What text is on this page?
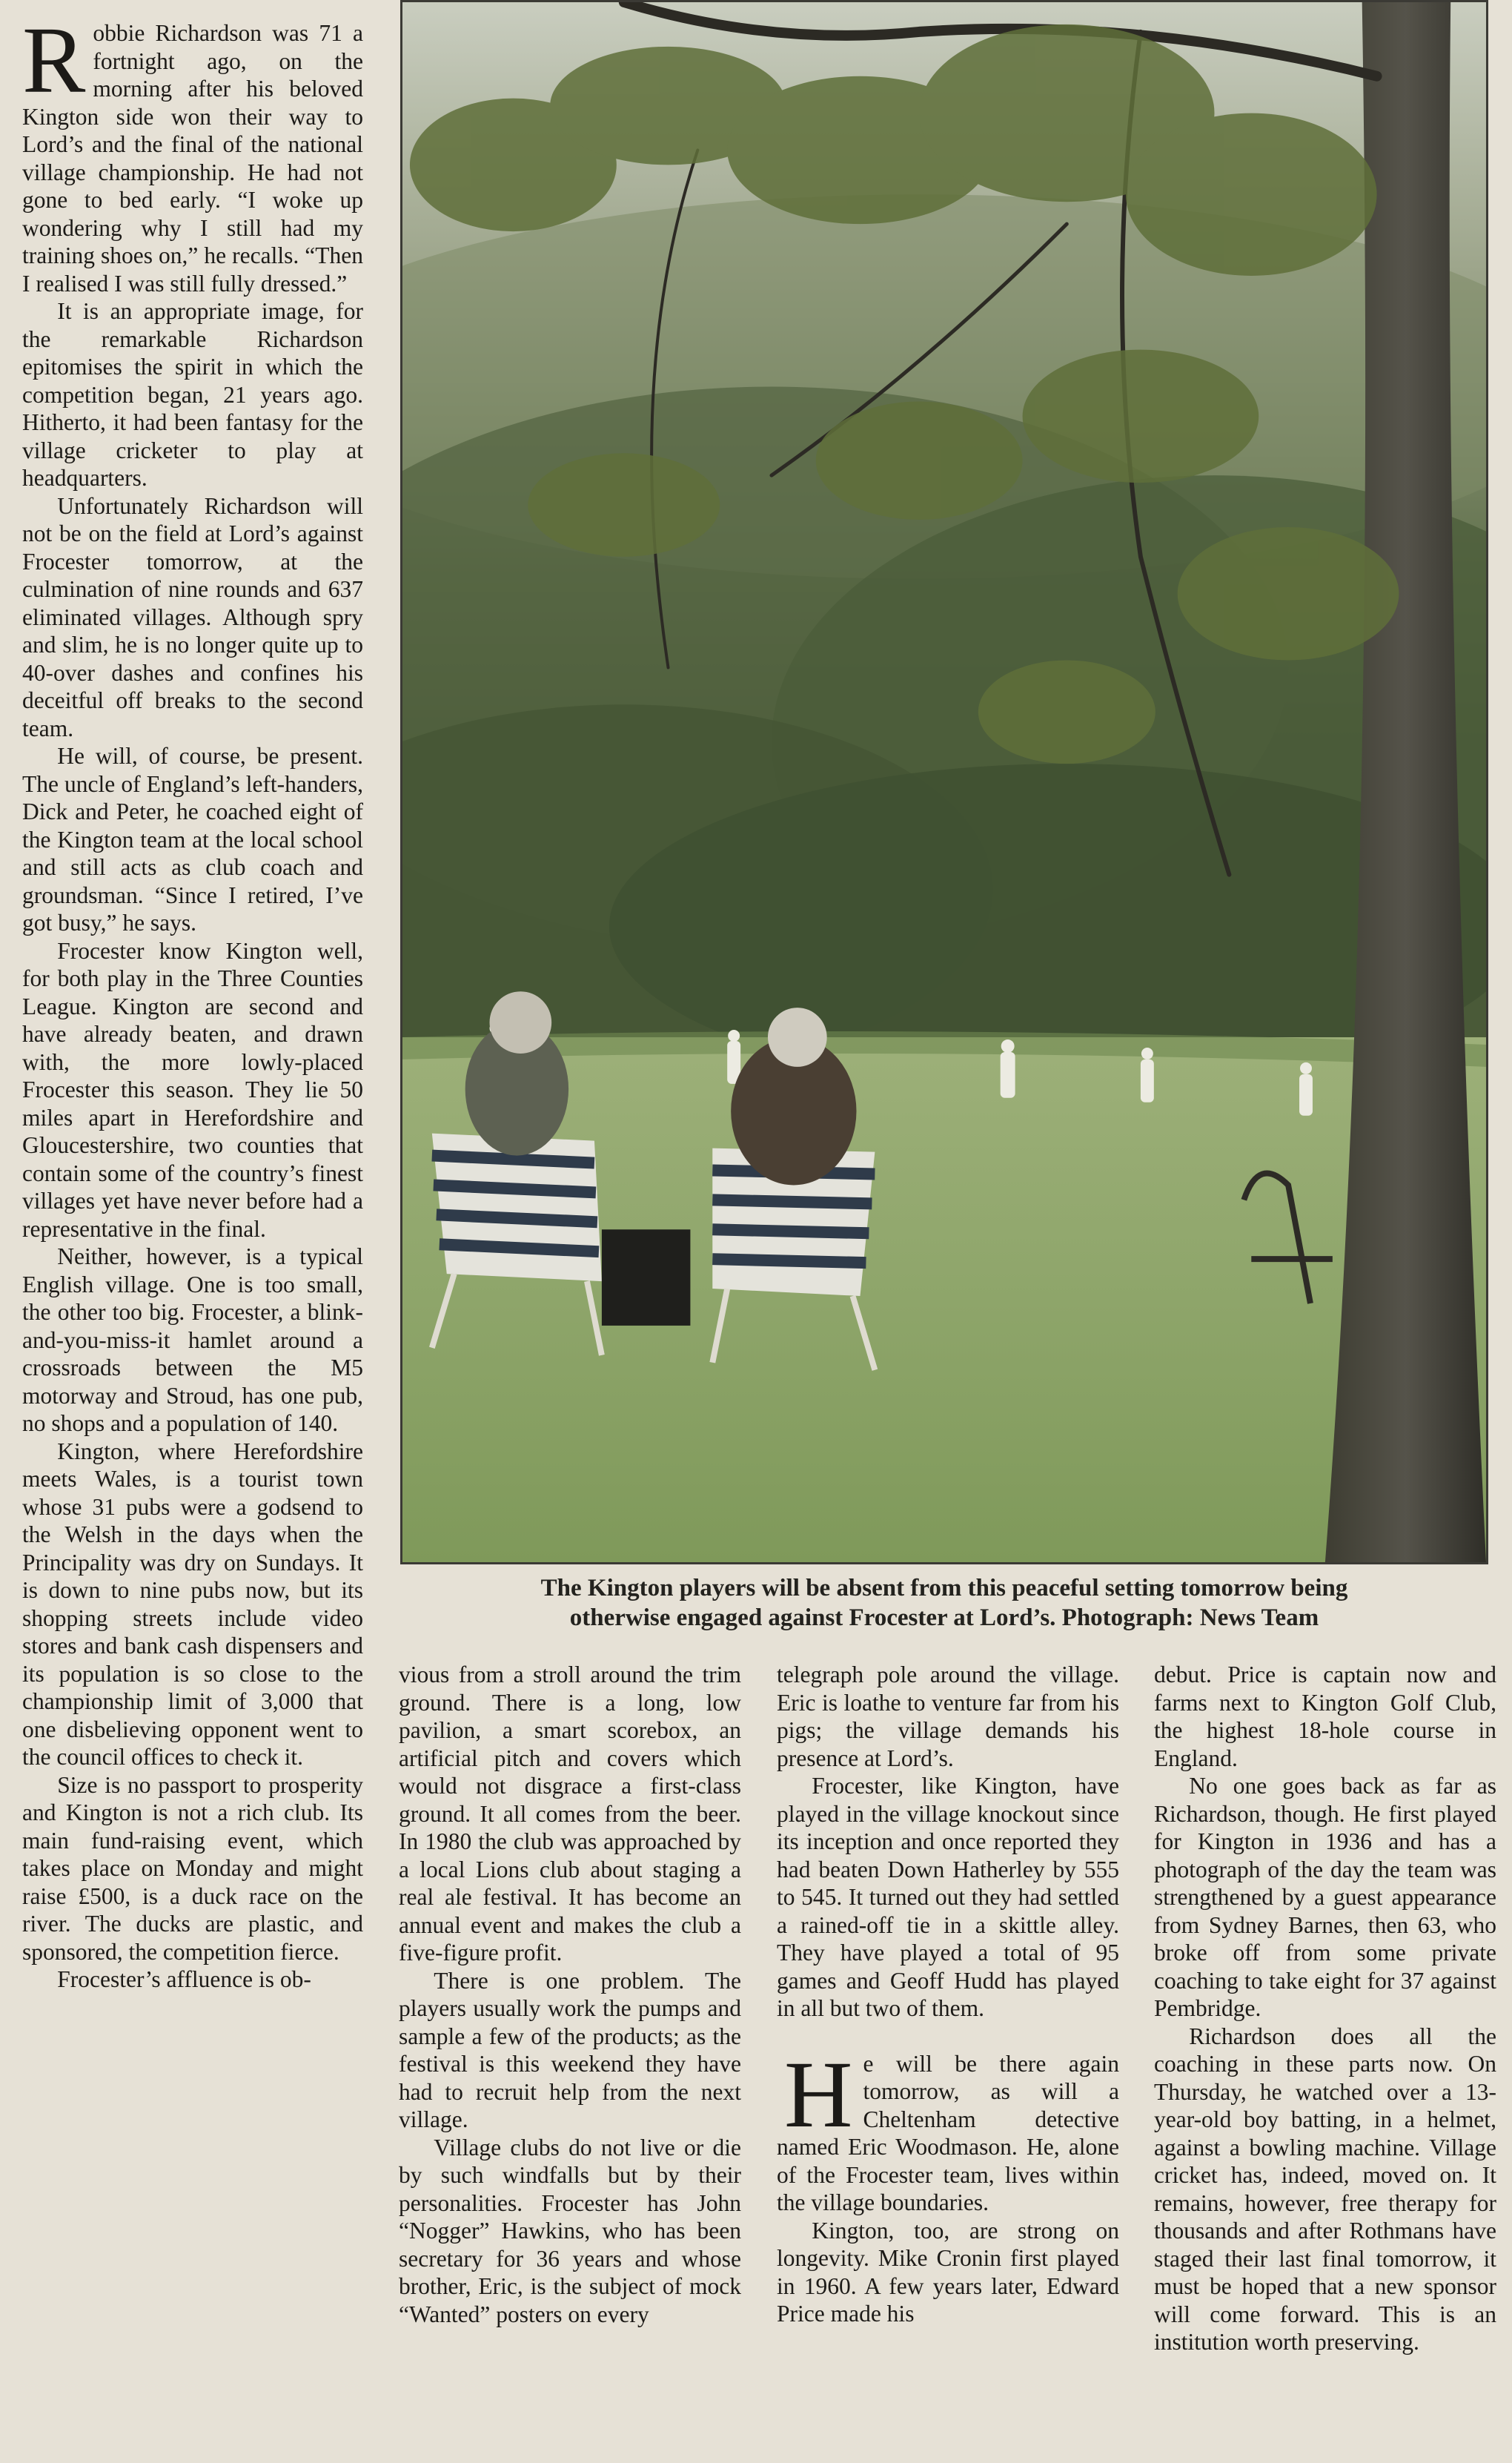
Robbie Richardson was 71 a fortnight ago, on the morning after his beloved Kington side won their way to Lord’s and the final of the national village championship. He had not gone to bed early. “I woke up wondering why I still had my training shoes on,” he recalls. “Then I realised I was still fully dressed.”

It is an appropriate image, for the remarkable Richardson epitomises the spirit in which the competition began, 21 years ago. Hitherto, it had been fantasy for the village cricketer to play at headquarters.

Unfortunately Richardson will not be on the field at Lord’s against Frocester tomorrow, at the culmination of nine rounds and 637 eliminated villages. Although spry and slim, he is no longer quite up to 40-over dashes and confines his deceitful off breaks to the second team.

He will, of course, be present. The uncle of England’s left-handers, Dick and Peter, he coached eight of the Kington team at the local school and still acts as club coach and groundsman. “Since I retired, I’ve got busy,” he says.

Frocester know Kington well, for both play in the Three Counties League. Kington are second and have already beaten, and drawn with, the more lowly-placed Frocester this season. They lie 50 miles apart in Herefordshire and Gloucestershire, two counties that contain some of the country’s finest villages yet have never before had a representative in the final.

Neither, however, is a typical English village. One is too small, the other too big. Frocester, a blink-and-you-miss-it hamlet around a crossroads between the M5 motorway and Stroud, has one pub, no shops and a population of 140.

Kington, where Herefordshire meets Wales, is a tourist town whose 31 pubs were a godsend to the Welsh in the days when the Principality was dry on Sundays. It is down to nine pubs now, but its shopping streets include video stores and bank cash dispensers and its population is so close to the championship limit of 3,000 that one disbelieving opponent went to the council offices to check it.

Size is no passport to prosperity and Kington is not a rich club. Its main fund-raising event, which takes place on Monday and might raise £500, is a duck race on the river. The ducks are plastic, and sponsored, the competition fierce.

Frocester’s affluence is ob-

The Kington players will be absent from this peaceful setting tomorrow being
otherwise engaged against Frocester at Lord’s. Photograph: News Team

vious from a stroll around the trim ground. There is a long, low pavilion, a smart scorebox, an artificial pitch and covers which would not disgrace a first-class ground. It all comes from the beer. In 1980 the club was approached by a local Lions club about staging a real ale festival. It has become an annual event and makes the club a five-figure profit.

There is one problem. The players usually work the pumps and sample a few of the products; as the festival is this weekend they have had to recruit help from the next village.

Village clubs do not live or die by such windfalls but by their personalities. Frocester has John “Nogger” Hawkins, who has been secretary for 36 years and whose brother, Eric, is the subject of mock “Wanted” posters on every

telegraph pole around the village. Eric is loathe to venture far from his pigs; the village demands his presence at Lord’s.

Frocester, like Kington, have played in the village knockout since its inception and once reported they had beaten Down Hatherley by 555 to 545. It turned out they had settled a rained-off tie in a skittle alley. They have played a total of 95 games and Geoff Hudd has played in all but two of them.

He will be there again tomorrow, as will a Cheltenham detective named Eric Woodmason. He, alone of the Frocester team, lives within the village boundaries.

Kington, too, are strong on longevity. Mike Cronin first played in 1960. A few years later, Edward Price made his

debut. Price is captain now and farms next to Kington Golf Club, the highest 18-hole course in England.

No one goes back as far as Richardson, though. He first played for Kington in 1936 and has a photograph of the day the team was strengthened by a guest appearance from Sydney Barnes, then 63, who broke off from some private coaching to take eight for 37 against Pembridge.

Richardson does all the coaching in these parts now. On Thursday, he watched over a 13-year-old boy batting, in a helmet, against a bowling machine. Village cricket has, indeed, moved on. It remains, however, free therapy for thousands and after Rothmans have staged their last final tomorrow, it must be hoped that a new sponsor will come forward. This is an institution worth preserving.
